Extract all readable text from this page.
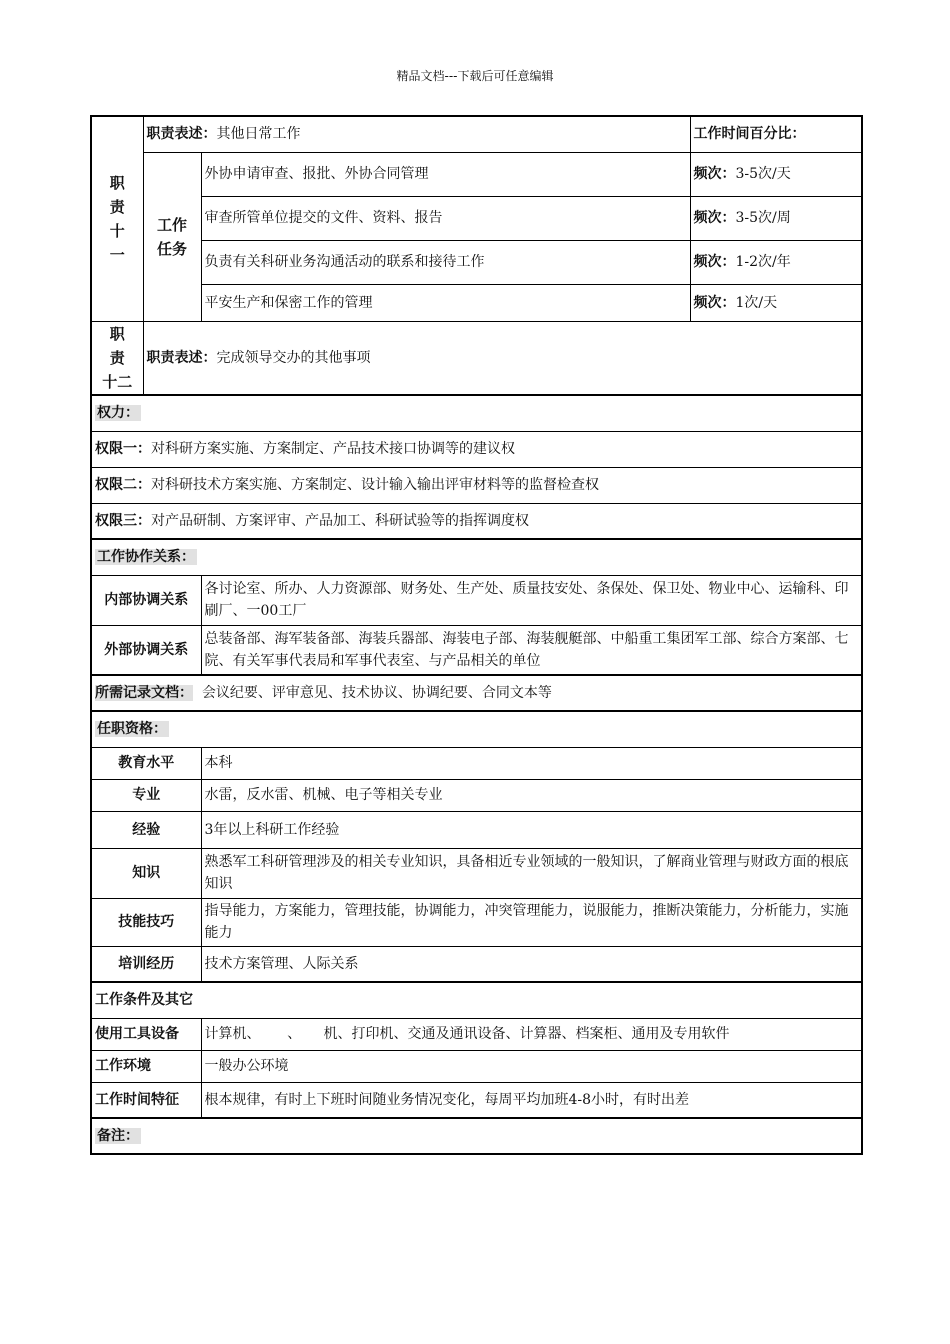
精品文档---下载后可任意编辑
职
责
十
一	职责表述：其他日常工作		工作时间百分比：
	工作
任务	外协申请审查、报批、外协合同管理	频次：3-5次/天
		审查所管单位提交的文件、资料、报告	频次：3-5次/周
		负责有关科研业务沟通活动的联系和接待工作	频次：1-2次/年
		平安生产和保密工作的管理	频次：1次/天
职
责
十二	职责表述：完成领导交办的其他事项		
权力：			
权限一：对科研方案实施、方案制定、产品技术接口协调等的建议权			
权限二：对科研技术方案实施、方案制定、设计输入输出评审材料等的监督检查权			
权限三：对产品研制、方案评审、产品加工、科研试验等的指挥调度权			
工作协作关系：			
内部协调关系		各讨论室、所办、人力资源部、财务处、生产处、质量技安处、条保处、保卫处、物业中心、运输科、印刷厂、一00工厂	
外部协调关系		总装备部、海军装备部、海装兵器部、海装电子部、海装舰艇部、中船重工集团军工部、综合方案部、七院、有关军事代表局和军事代表室、与产品相关的单位	
所需记录文档： 会议纪要、评审意见、技术协议、协调纪要、合同文本等			
任职资格：			
教育水平		本科	
专业		水雷，反水雷、机械、电子等相关专业	
经验		3年以上科研工作经验	
知识		熟悉军工科研管理涉及的相关专业知识，具备相近专业领域的一般知识，了解商业管理与财政方面的根底知识	
技能技巧		指导能力，方案能力，管理技能，协调能力，冲突管理能力，说服能力，推断决策能力，分析能力，实施能力	
培训经历		技术方案管理、人际关系	
工作条件及其它			
使用工具设备		计算机、      、     机、打印机、交通及通讯设备、计算器、档案柜、通用及专用软件	
工作环境		一般办公环境	
工作时间特征		根本规律，有时上下班时间随业务情况变化，每周平均加班4-8小时，有时出差	
备注：			
